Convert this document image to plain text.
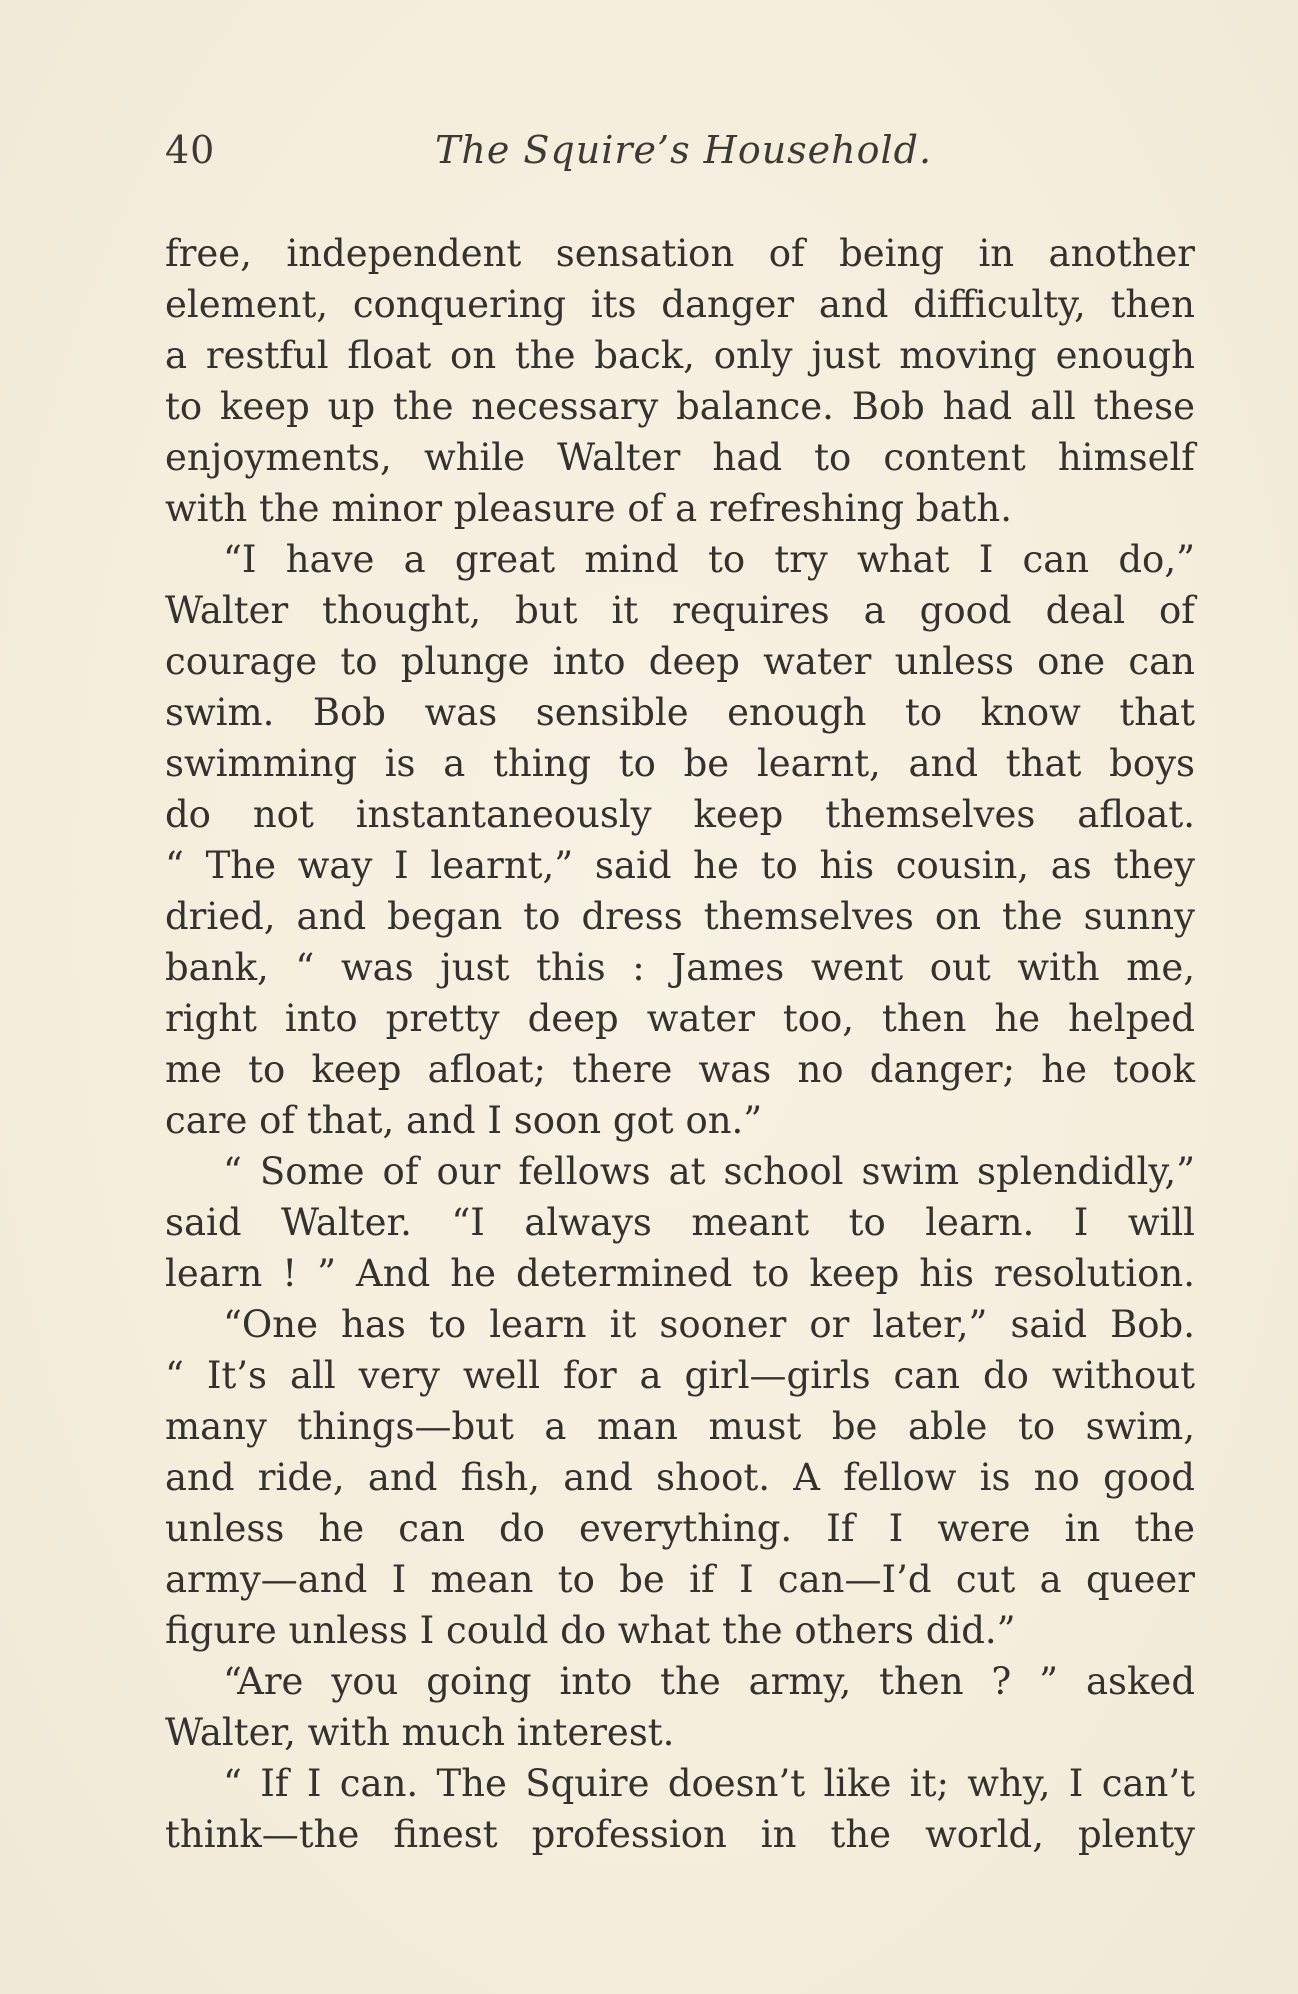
40	The Squire’s Household.
free, independent sensation of being in another
element, conquering its danger and difficulty, then
a restful float on the back, only just moving enough
to keep up the necessary balance. Bob had all these
enjoyments, while Walter had to content himself
with the minor pleasure of a refreshing bath.
“I have a great mind to try what I can do,”
Walter thought, but it requires a good deal of
courage to plunge into deep water unless one can
swim. Bob was sensible enough to know that
swimming is a thing to be learnt, and that boys
do not instantaneously keep themselves afloat.
“ The way I learnt,” said he to his cousin, as they
dried, and began to dress themselves on the sunny
bank, “ was just this : James went out with me,
right into pretty deep water too, then he helped
me to keep afloat; there was no danger; he took
care of that, and I soon got on.”
“ Some of our fellows at school swim splendidly,”
said Walter. “I always meant to learn. I will
learn ! ” And he determined to keep his resolution.
“One has to learn it sooner or later,” said Bob.
“ It’s all very well for a girl—girls can do without
many things—but a man must be able to swim,
and ride, and fish, and shoot. A fellow is no good
unless he can do everything. If I were in the
army—and I mean to be if I can—I’d cut a queer
figure unless I could do what the others did.”
“Are you going into the army, then ? ” asked
Walter, with much interest.
“ If I can. The Squire doesn’t like it; why, I can’t
think—the finest profession in the world, plenty
